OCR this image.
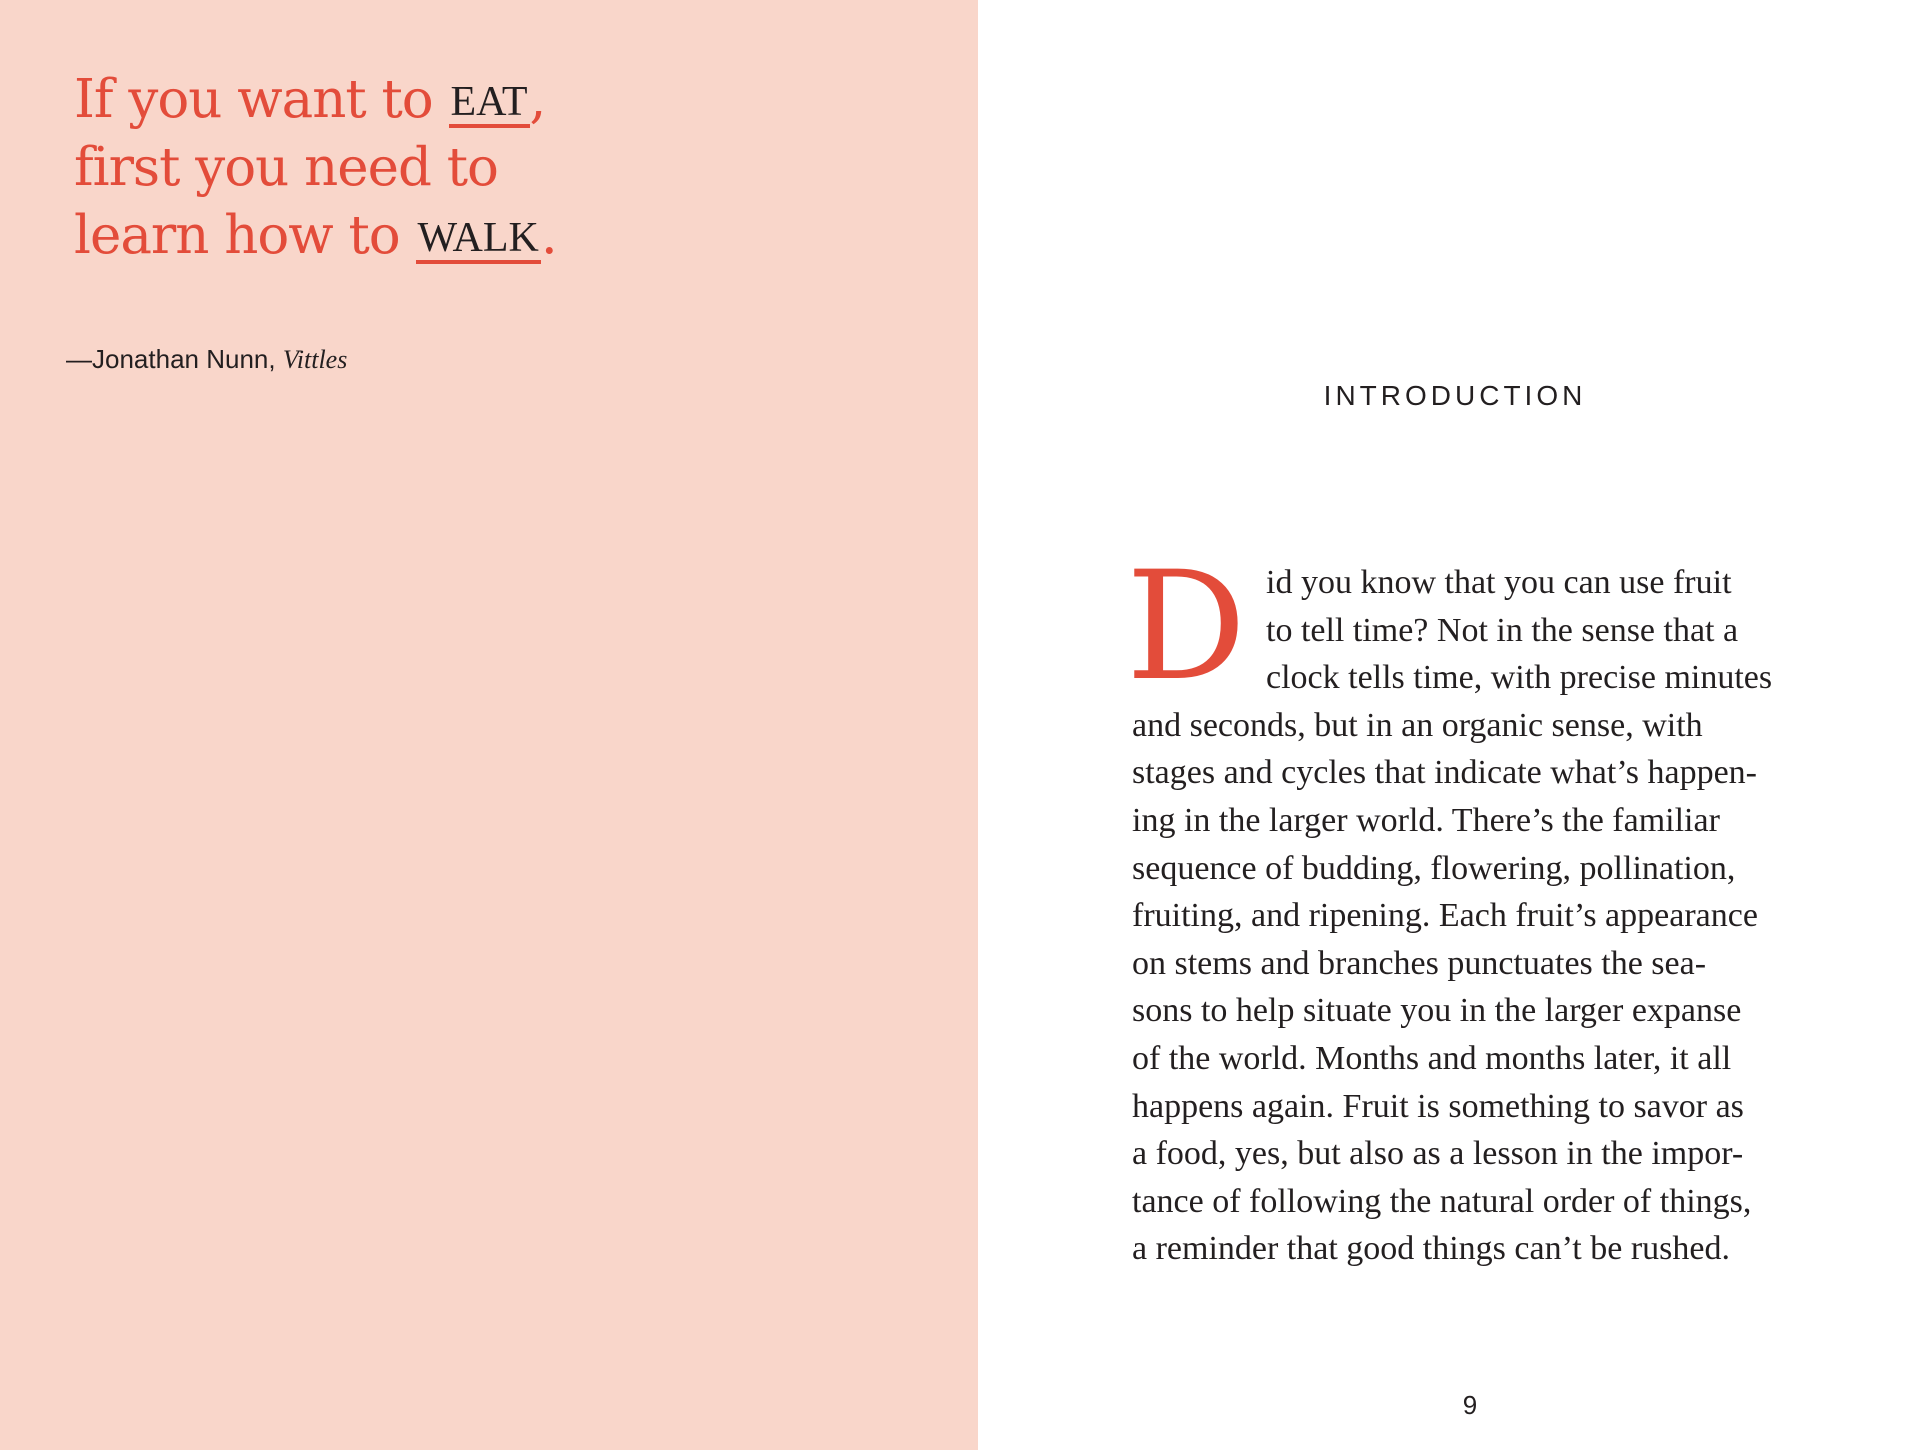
If you want to EAT,
first you need to
learn how to WALK.
—Jonathan Nunn, Vittles
INTRODUCTION
D id you know that you can use fruit
to tell time? Not in the sense that a
clock tells time, with precise minutes
and seconds, but in an organic sense, with
stages and cycles that indicate what’s happen-
ing in the larger world. There’s the familiar
sequence of budding, flowering, pollination,
fruiting, and ripening. Each fruit’s appearance
on stems and branches punctuates the sea-
sons to help situate you in the larger expanse
of the world. Months and months later, it all
happens again. Fruit is something to savor as
a food, yes, but also as a lesson in the impor-
tance of following the natural order of things,
a reminder that good things can’t be rushed.
9
